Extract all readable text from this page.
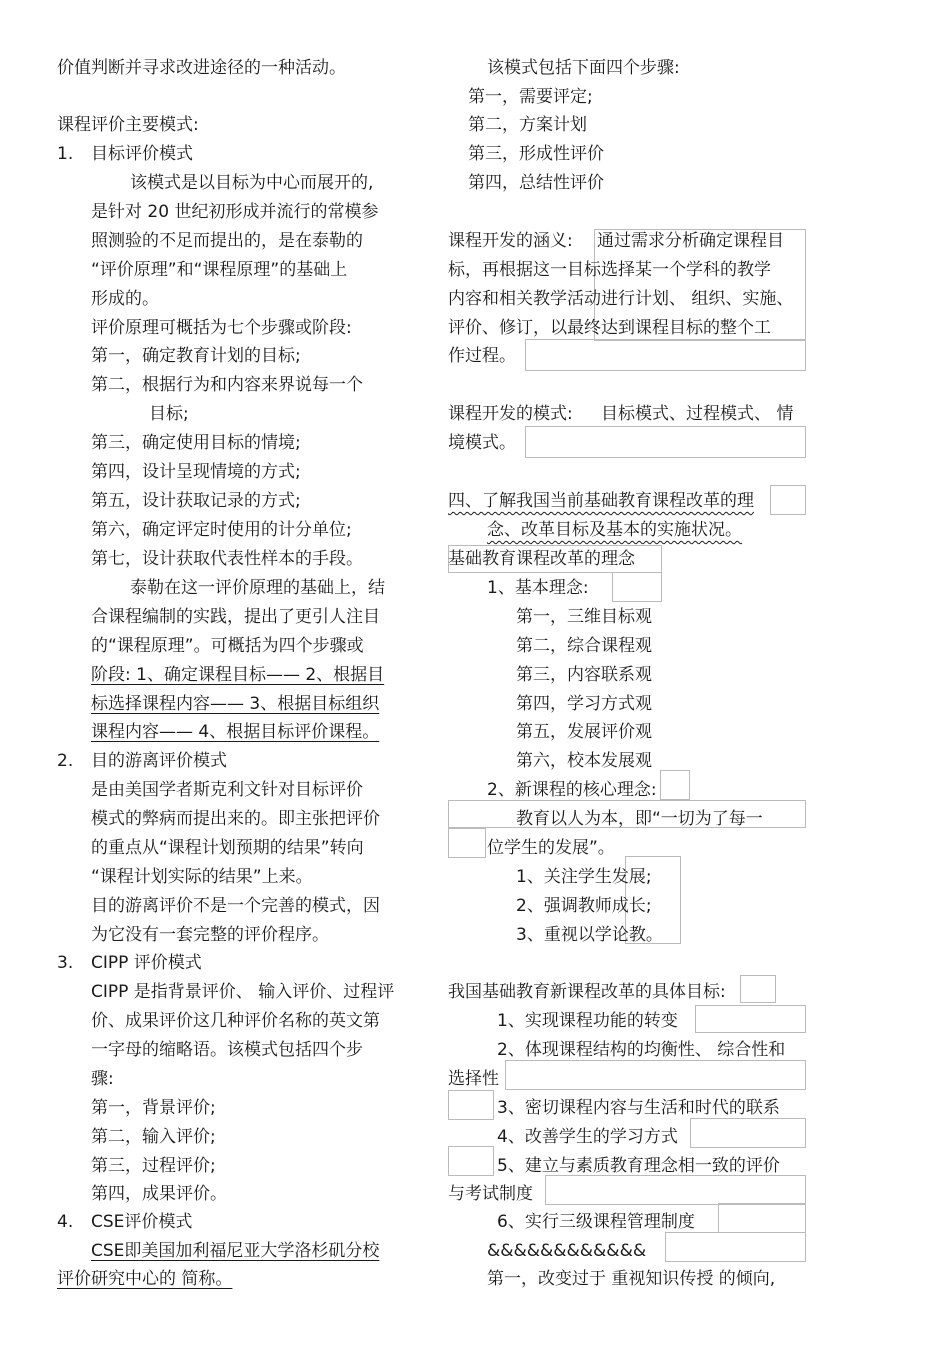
价值判断并寻求改进途径的一种活动。
课程评价主要模式:
1. 目标评价模式
该模式是以目标为中心而展开的,
是针对 20 世纪初形成并流行的常模参
照测验的不足而提出的，是在泰勒的
“评价原理”和“课程原理”的基础上
形成的。
评价原理可概括为七个步骤或阶段:
第一，确定教育计划的目标;
第二，根据行为和内容来界说每一个
目标;
第三，确定使用目标的情境;
第四，设计呈现情境的方式;
第五，设计获取记录的方式;
第六，确定评定时使用的计分单位;
第七，设计获取代表性样本的手段。
泰勒在这一评价原理的基础上，结
合课程编制的实践，提出了更引人注目
的“课程原理”。可概括为四个步骤或
阶段: 1、确定课程目标—— 2、根据目
标选择课程内容—— 3、根据目标组织
课程内容—— 4、根据目标评价课程。
2. 目的游离评价模式
是由美国学者斯克利文针对目标评价
模式的弊病而提出来的。即主张把评价
的重点从“课程计划预期的结果”转向
“课程计划实际的结果”上来。
目的游离评价不是一个完善的模式，因
为它没有一套完整的评价程序。
3. CIPP 评价模式
CIPP 是指背景评价、 输入评价、过程评
价、成果评价这几种评价名称的英文第
一字母的缩略语。该模式包括四个步
骤:
第一，背景评价;
第二，输入评价;
第三，过程评价;
第四，成果评价。
4. CSE评价模式
CSE即美国加利福尼亚大学洛杉矶分校
评价研究中心的 简称。
该模式包括下面四个步骤:
第一，需要评定;
第二，方案计划
第三，形成性评价
第四，总结性评价
课程开发的涵义: 通过需求分析确定课程目
标，再根据这一目标选择某一个学科的教学
内容和相关教学活动进行计划、 组织、实施、
评价、修订，以最终达到课程目标的整个工
作过程。
课程开发的模式: 目标模式、过程模式、 情
境模式。
四、了解我国当前基础教育课程改革的理
念、改革目标及基本的实施状况。
基础教育课程改革的理念
1、基本理念:
第一，三维目标观
第二，综合课程观
第三，内容联系观
第四，学习方式观
第五，发展评价观
第六，校本发展观
2、新课程的核心理念:
教育以人为本，即“一切为了每一
位学生的发展”。
1、关注学生发展;
2、强调教师成长;
3、重视以学论教。
我国基础教育新课程改革的具体目标:
1、实现课程功能的转变
2、体现课程结构的均衡性、 综合性和
选择性
3、密切课程内容与生活和时代的联系
4、改善学生的学习方式
5、建立与素质教育理念相一致的评价
与考试制度
6、实行三级课程管理制度
&&&&&&&&&&&&
第一，改变过于 重视知识传授 的倾向,
